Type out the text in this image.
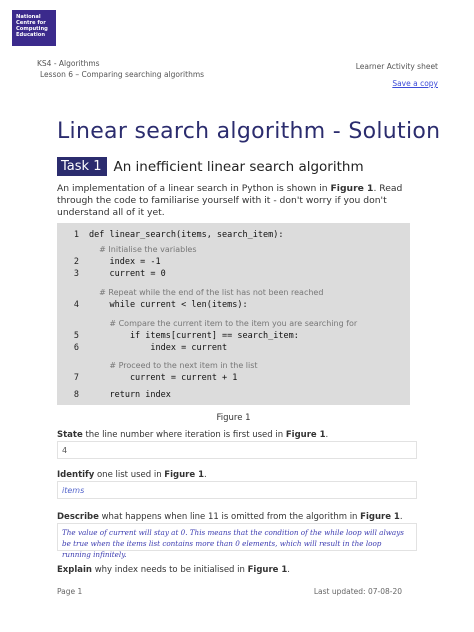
National
Centre for
Computing
Education
KS4 - Algorithms
Lesson 6 – Comparing searching algorithms
Learner Activity sheet
Save a copy
Linear search algorithm - Solution
Task 1 An inefficient linear search algorithm
An implementation of a linear search in Python is shown in Figure 1. Read through the code to familiarise yourself with it - don't worry if you don't understand all of it yet.
1 def linear_search(items, search_item):
# Initialise the variables
2 index = -1
3 current = 0
# Repeat while the end of the list has not been reached
4 while current < len(items):
# Compare the current item to the item you are searching for
5 if items[current] == search_item:
6 index = current
# Proceed to the next item in the list
7 current = current + 1
8 return index
Figure 1
State the line number where iteration is first used in Figure 1.
4
Identify one list used in Figure 1.
items
Describe what happens when line 11 is omitted from the algorithm in Figure 1.
The value of current will stay at 0. This means that the condition of the while loop will always be true when the items list contains more than 0 elements, which will result in the loop running infinitely.
Explain why index needs to be initialised in Figure 1.
Page 1	Last updated: 07-08-20
